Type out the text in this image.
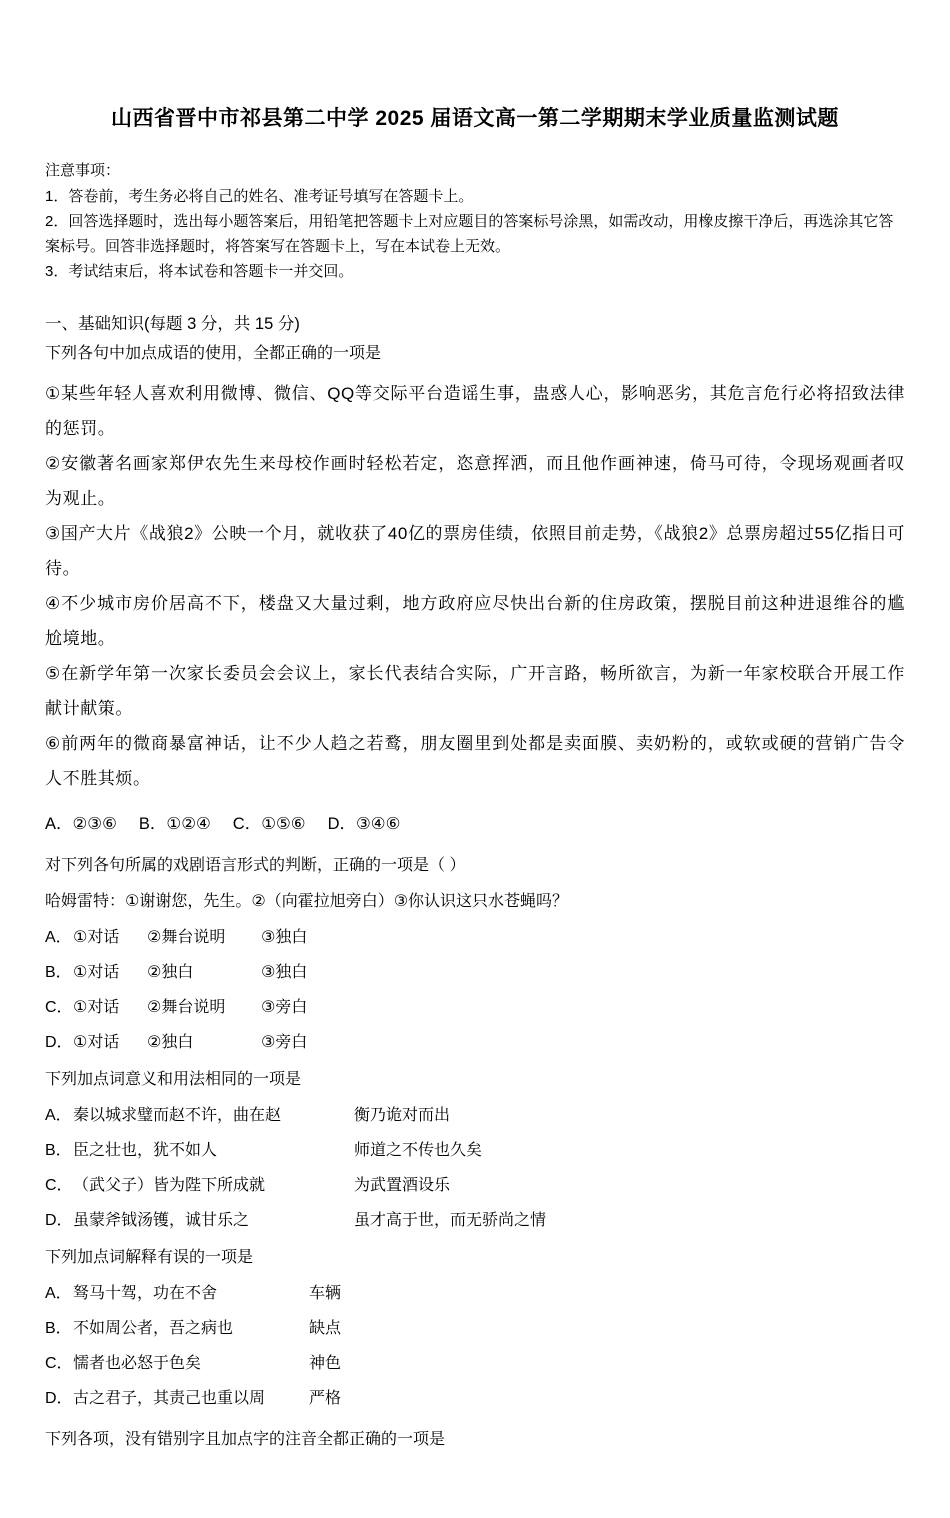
山西省晋中市祁县第二中学 2025 届语文高一第二学期期末学业质量监测试题

注意事项：

1．答卷前，考生务必将自己的姓名、准考证号填写在答题卡上。

2．回答选择题时，选出每小题答案后，用铅笔把答题卡上对应题目的答案标号涂黑，如需改动，用橡皮擦干净后，再选涂其它答案标号。回答非选择题时，将答案写在答题卡上，写在本试卷上无效。

3．考试结束后，将本试卷和答题卡一并交回。

一、基础知识(每题 3 分，共 15 分)

下列各句中加点成语的使用，全都正确的一项是

①某些年轻人喜欢利用微博、微信、QQ等交际平台造谣生事，蛊惑人心，影响恶劣，其危言危行必将招致法律的惩罚。

②安徽著名画家郑伊农先生来母校作画时轻松若定，恣意挥洒，而且他作画神速，倚马可待，令现场观画者叹为观止。

③国产大片《战狼2》公映一个月，就收获了40亿的票房佳绩，依照目前走势，《战狼2》总票房超过55亿指日可待。

④不少城市房价居高不下，楼盘又大量过剩，地方政府应尽快出台新的住房政策，摆脱目前这种进退维谷的尴尬境地。

⑤在新学年第一次家长委员会会议上，家长代表结合实际，广开言路，畅所欲言，为新一年家校联合开展工作献计献策。

⑥前两年的微商暴富神话，让不少人趋之若鹜，朋友圈里到处都是卖面膜、卖奶粉的，或软或硬的营销广告令人不胜其烦。

A．②③⑥ B．①②④ C．①⑤⑥ D．③④⑥

对下列各句所属的戏剧语言形式的判断，正确的一项是（ ）

哈姆雷特：①谢谢您，先生。②（向霍拉旭旁白）③你认识这只水苍蝇吗？

A．①对话 ②舞台说明 ③独白

B．①对话 ②独白	③独白

C．①对话 ②舞台说明 ③旁白

D．①对话 ②独白	③旁白

下列加点词意义和用法相同的一项是

A．秦以城求璧而赵不许，曲在赵	衡乃诡对而出

B．臣之壮也，犹不如人	师道之不传也久矣

C．（武父子）皆为陛下所成就	为武置酒设乐

D．虽蒙斧钺汤镬，诚甘乐之	虽才高于世，而无骄尚之情

下列加点词解释有误的一项是

A．驽马十驾，功在不舍	车辆

B．不如周公者，吾之病也	缺点

C．懦者也必怒于色矣	神色

D．古之君子，其责己也重以周	严格

下列各项，没有错别字且加点字的注音全都正确的一项是
